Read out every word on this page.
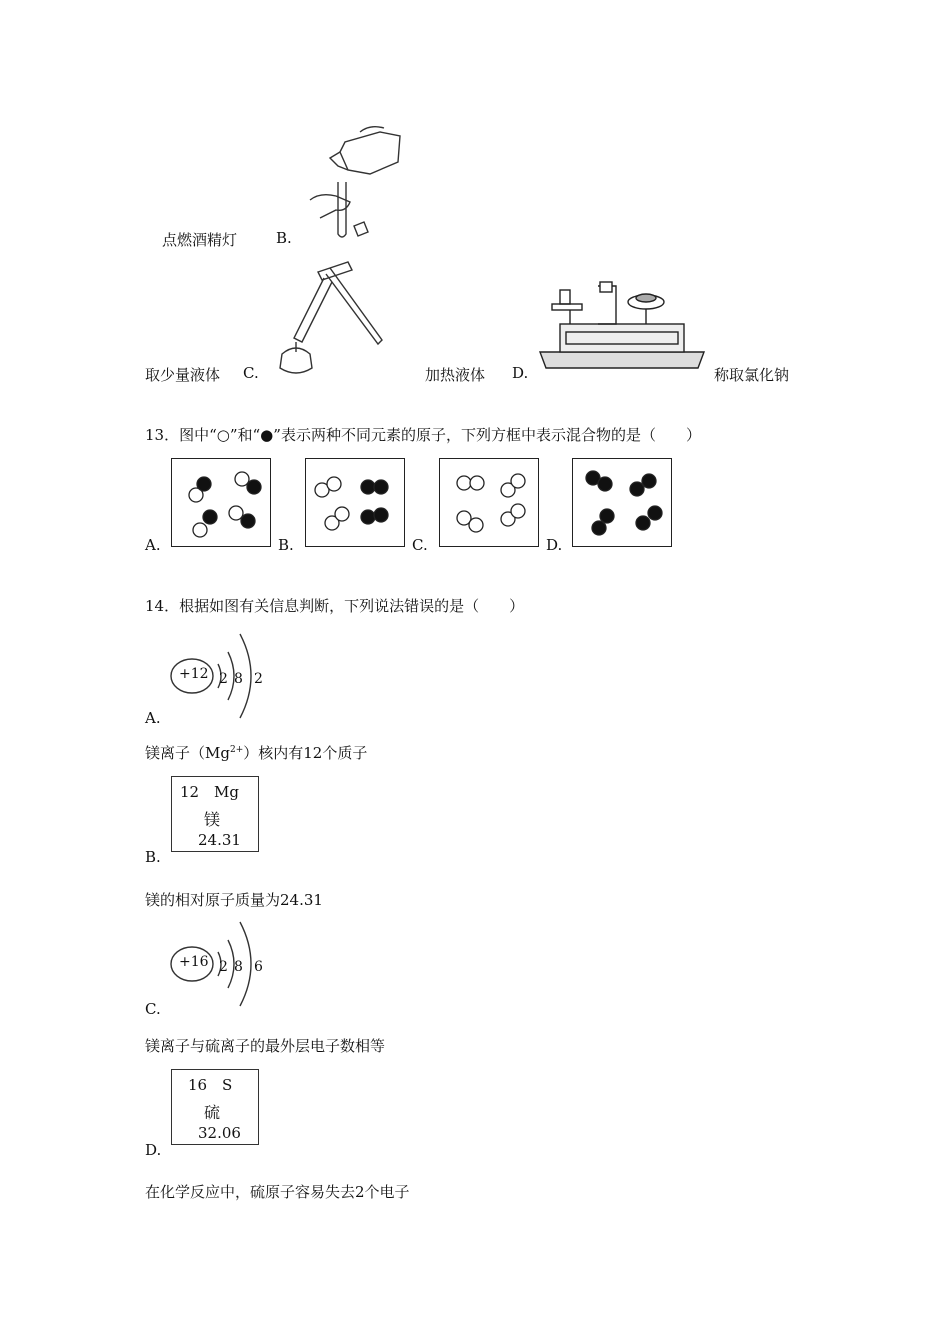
点燃酒精灯	B.
取少量液体 C.	加热液体 D.	称取氯化钠
13．图中“○”和“●”表示两种不同元素的原子，下列方框中表示混合物的是（　　）
A.	B.	C.	D.
14．根据如图有关信息判断，下列说法错误的是（　　）
+12 2 8 2
A.
镁离子$(Mg^{2+})$核内有12个质子
12 Mg
镁
24.31
B.
镁的相对原子质量为24.31
+16 2 8 6
C.
镁离子与硫离子的最外层电子数相等
16 S
硫
32.06
D.
在化学反应中，硫原子容易失去2个电子
